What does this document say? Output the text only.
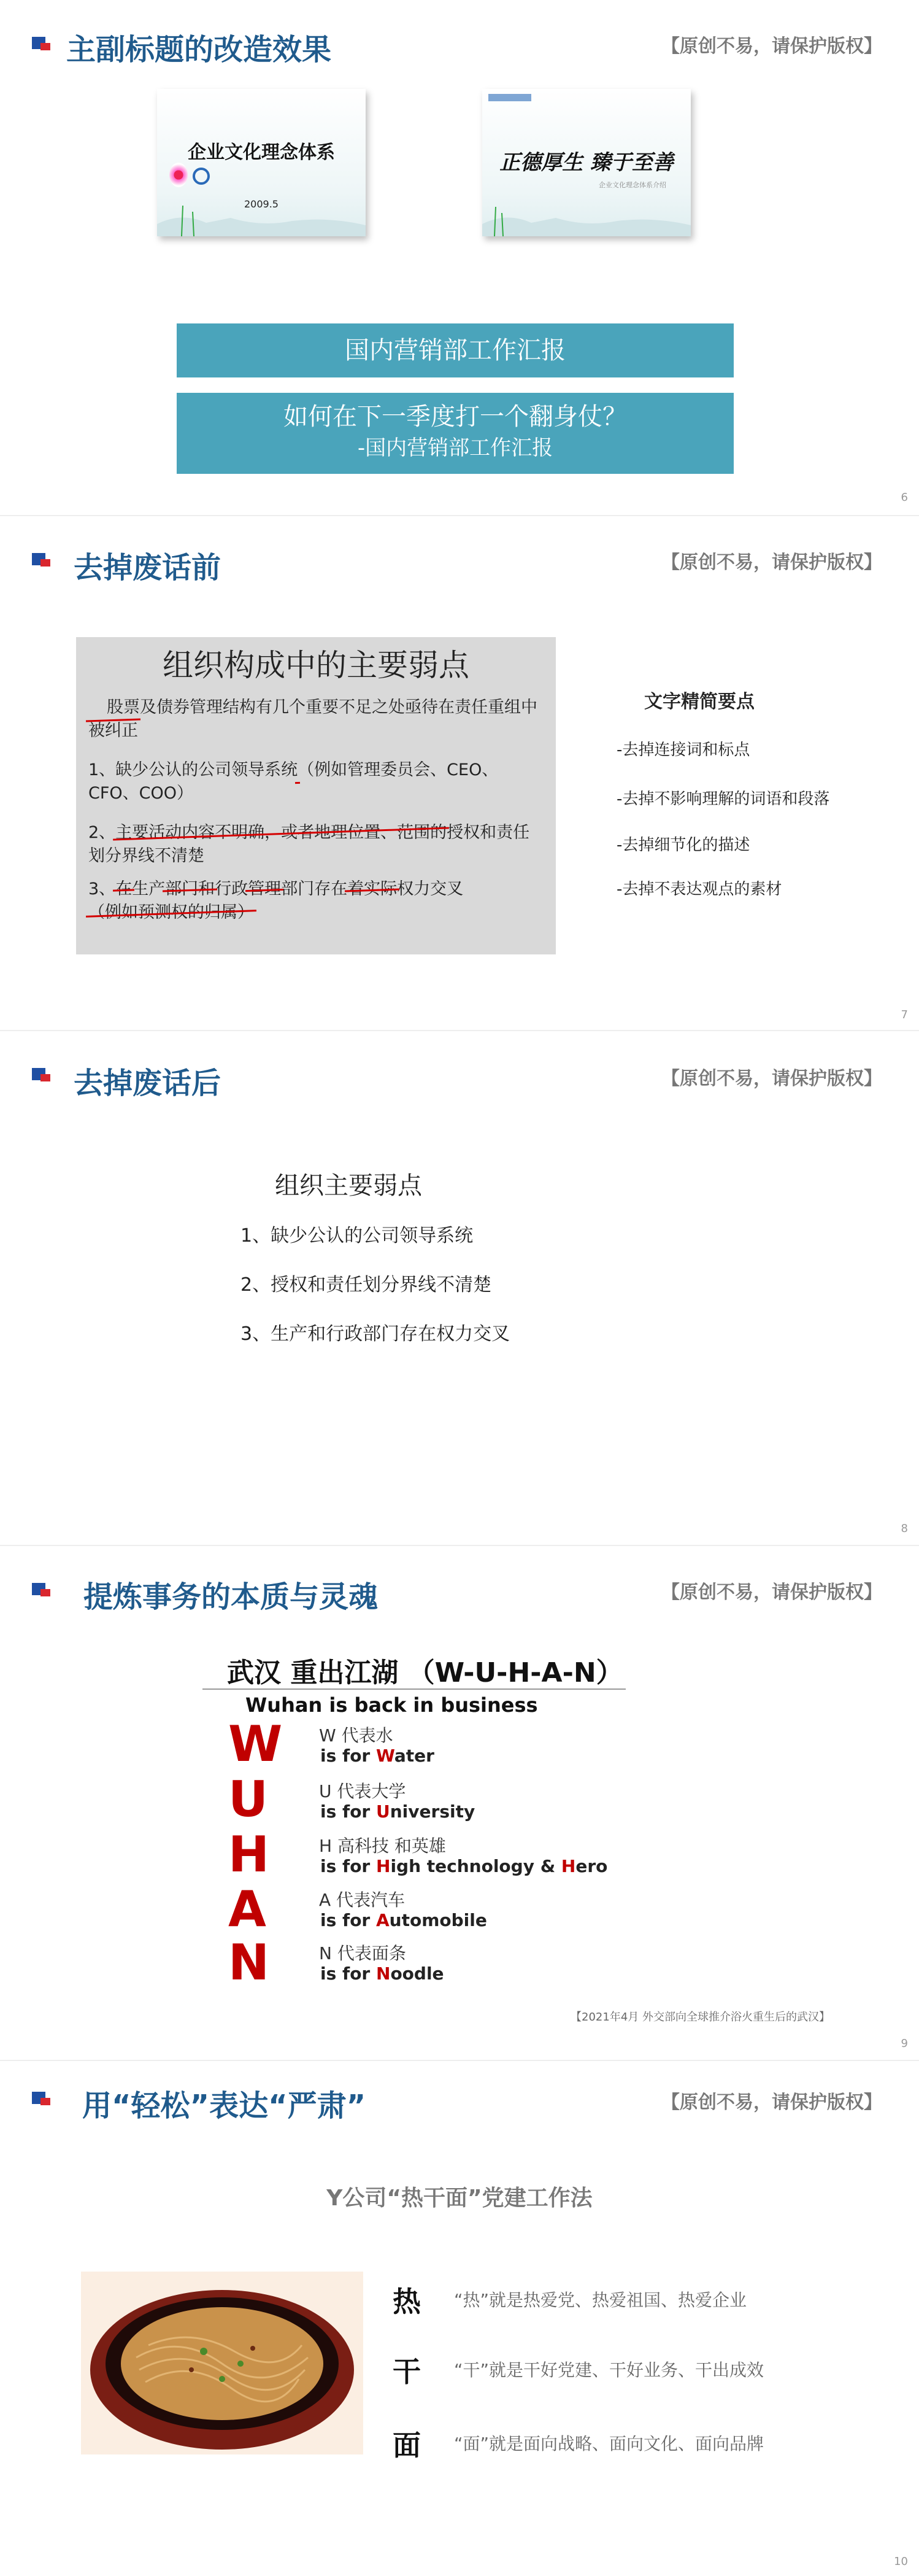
主副标题的改造效果	【原创不易，请保护版权】
企业文化理念体系
2009.5
正德厚生 臻于至善
企业文化理念体系介绍
国内营销部工作汇报
如何在下一季度打一个翻身仗？
-国内营销部工作汇报
6
去掉废话前	【原创不易，请保护版权】
组织构成中的主要弱点
股票及债券管理结构有几个重要不足之处亟待在责任重组中被纠正
1、缺少公认的公司领导系统（例如管理委员会、CEO、CFO、COO）
2、主要活动内容不明确，或者地理位置、范围的授权和责任划分界线不清楚
3、在生产部门和行政管理部门存在着实际权力交叉
（例如预测权的归属）
文字精简要点
-去掉连接词和标点
-去掉不影响理解的词语和段落
-去掉细节化的描述
-去掉不表达观点的素材
7
去掉废话后	【原创不易，请保护版权】
组织主要弱点
1、缺少公认的公司领导系统
2、授权和责任划分界线不清楚
3、生产和行政部门存在权力交叉
8
提炼事务的本质与灵魂	【原创不易，请保护版权】
武汉 重出江湖 （W-U-H-A-N）
Wuhan is back in business
W W 代表水
is for Water
U	U 代表大学
is for University
H	H 高科技 和英雄
is for High technology & Hero
A	A 代表汽车
is for Automobile
N	N 代表面条
is for Noodle
【2021年4月 外交部向全球推介浴火重生后的武汉】
9
用“轻松”表达“严肃”	【原创不易，请保护版权】
Y公司“热干面”党建工作法
热 “热”就是热爱党、热爱祖国、热爱企业
干 “干”就是干好党建、干好业务、干出成效
面 “面”就是面向战略、面向文化、面向品牌
10
